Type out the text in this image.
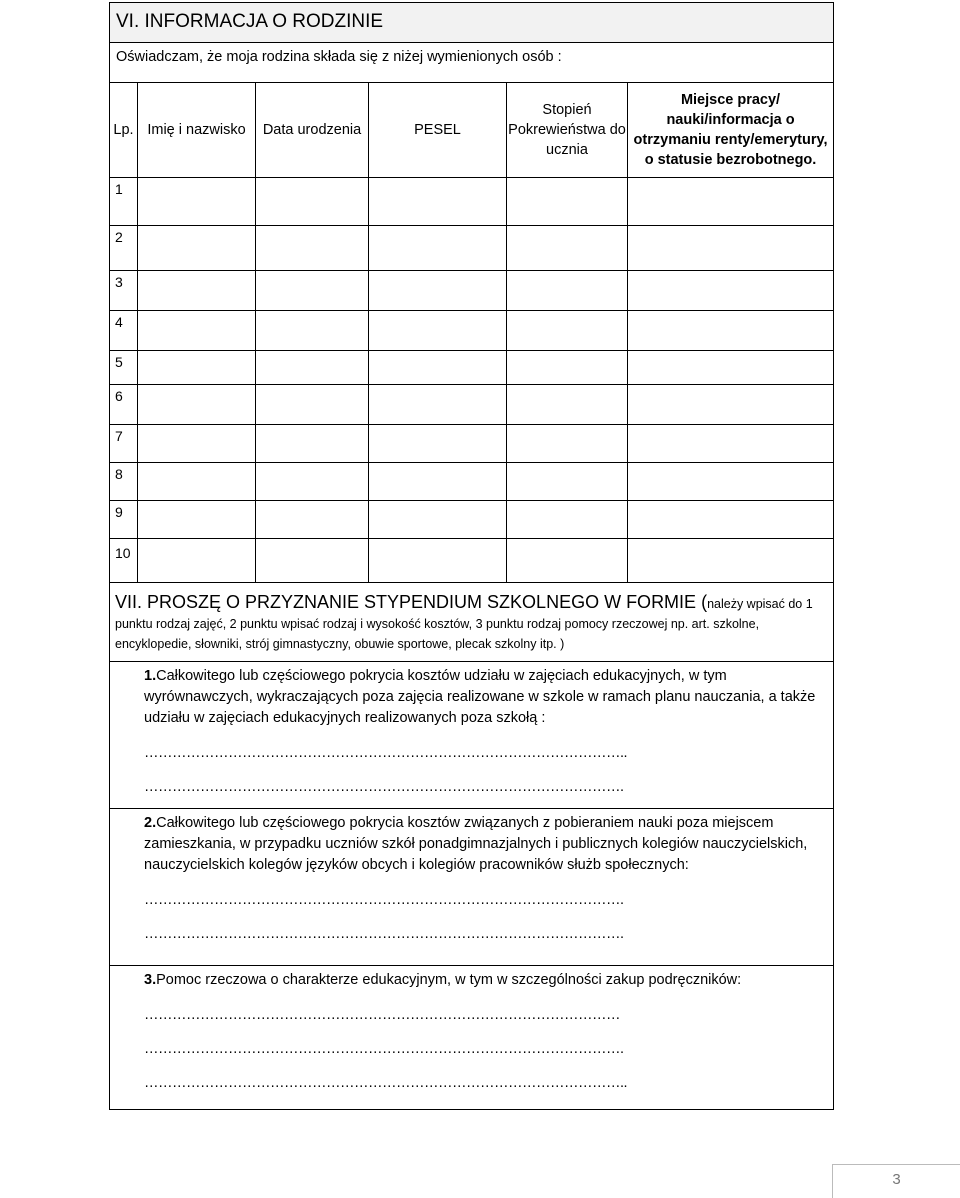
VI. INFORMACJA O RODZINIE					
Oświadczam, że moja rodzina składa się z niżej wymienionych osób :					
Lp.	Imię i nazwisko	Data urodzenia	PESEL	Stopień Pokrewieństwa do ucznia	Miejsce pracy/ nauki/informacja o otrzymaniu renty/emerytury, o statusie bezrobotnego.
1					
2					
3					
4					
5					
6					
7					
8					
9					
10					
VII. PROSZĘ O PRZYZNANIE STYPENDIUM SZKOLNEGO W FORMIE (należy wpisać do 1 punktu rodzaj zajęć, 2 punktu wpisać rodzaj i wysokość kosztów, 3 punktu rodzaj pomocy rzeczowej np. art. szkolne, encyklopedie, słowniki, strój gimnastyczny, obuwie sportowe, plecak szkolny itp. )					

1.Całkowitego lub częściowego pokrycia kosztów udziału w zajęciach edukacyjnych, w tym wyrównawczych, wykraczających poza zajęcia realizowane w szkole w ramach planu nauczania, a także udziału w zajęciach edukacyjnych realizowanych poza szkołą :
…………………………………………………………………………………………..
………………………………………………………………………………………….					

2.Całkowitego lub częściowego pokrycia kosztów związanych z pobieraniem nauki poza miejscem zamieszkania, w przypadku uczniów szkół ponadgimnazjalnych i publicznych kolegiów nauczycielskich, nauczycielskich kolegów języków obcych i kolegiów pracowników służb społecznych:
………………………………………………………………………………………….
………………………………………………………………………………………….					

3.Pomoc rzeczowa o charakterze edukacyjnym, w tym w szczególności zakup podręczników:
…………………………………………………………………………………………
………………………………………………………………………………………….
…………………………………………………………………………………………..					
3
